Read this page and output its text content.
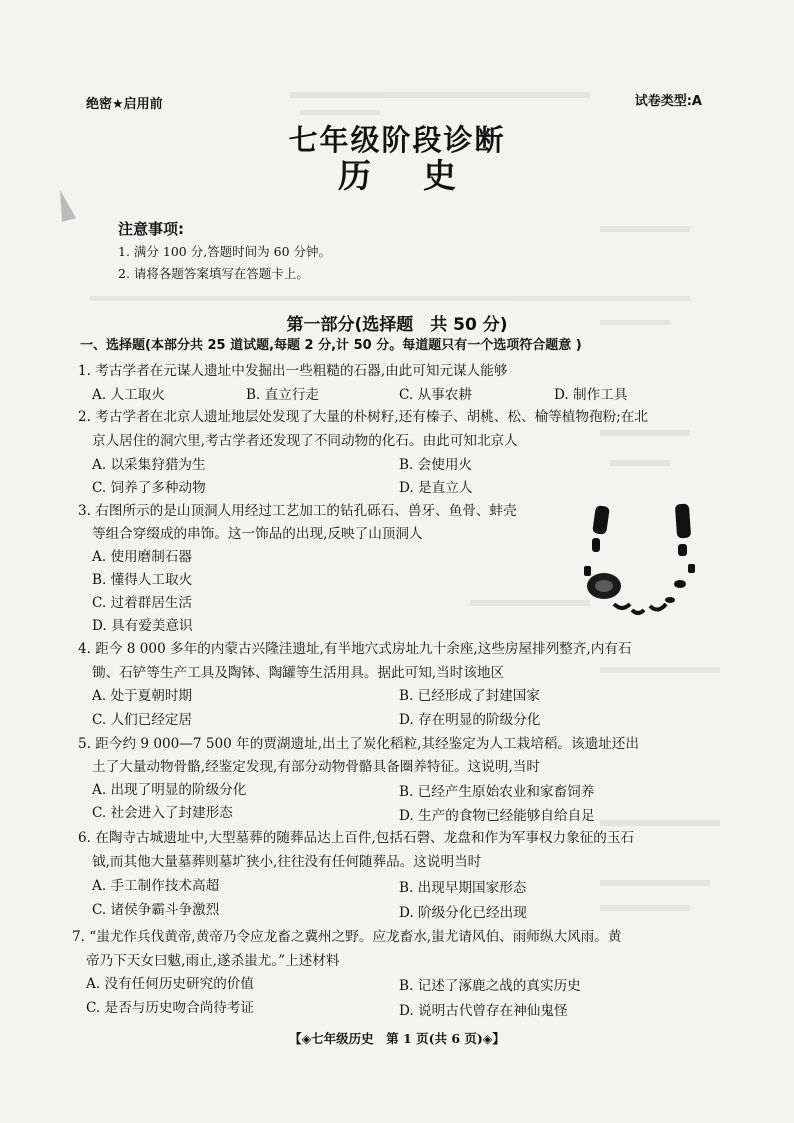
绝密★启用前	试卷类型:A
七年级阶段诊断
历史
注意事项:
1. 满分 100 分,答题时间为 60 分钟。
2. 请将各题答案填写在答题卡上。
第一部分(选择题　共 50 分)
一、选择题(本部分共 25 道试题,每题 2 分,计 50 分。每道题只有一个选项符合题意 )
1. 考古学者在元谋人遗址中发掘出一些粗糙的石器,由此可知元谋人能够
A. 人工取火	B. 直立行走	C. 从事农耕	D. 制作工具
2. 考古学者在北京人遗址地层处发现了大量的朴树籽,还有榛子、胡桃、松、榆等植物孢粉;在北
京人居住的洞穴里,考古学者还发现了不同动物的化石。由此可知北京人
A. 以采集狩猎为生	B. 会使用火
C. 饲养了多种动物	D. 是直立人
3. 右图所示的是山顶洞人用经过工艺加工的钻孔砾石、兽牙、鱼骨、蚌壳
等组合穿缀成的串饰。这一饰品的出现,反映了山顶洞人
A. 使用磨制石器
B. 懂得人工取火
C. 过着群居生活
D. 具有爱美意识
4. 距今 8 000 多年的内蒙古兴隆洼遗址,有半地穴式房址九十余座,这些房屋排列整齐,内有石
锄、石铲等生产工具及陶钵、陶罐等生活用具。据此可知,当时该地区
A. 处于夏朝时期	B. 已经形成了封建国家
C. 人们已经定居	D. 存在明显的阶级分化
5. 距今约 9 000—7 500 年的贾湖遗址,出土了炭化稻粒,其经鉴定为人工栽培稻。该遗址还出
土了大量动物骨骼,经鉴定发现,有部分动物骨骼具备圈养特征。这说明,当时
A. 出现了明显的阶级分化	B. 已经产生原始农业和家畜饲养
C. 社会进入了封建形态	D. 生产的食物已经能够自给自足
6. 在陶寺古城遗址中,大型墓葬的随葬品达上百件,包括石磬、龙盘和作为军事权力象征的玉石
钺,而其他大量墓葬则墓圹狭小,往往没有任何随葬品。这说明当时
A. 手工制作技术高超	B. 出现早期国家形态
C. 诸侯争霸斗争激烈	D. 阶级分化已经出现
7. “蚩尤作兵伐黄帝,黄帝乃令应龙畜之冀州之野。应龙畜水,蚩尤请风伯、雨师纵大风雨。黄
帝乃下天女曰魃,雨止,遂杀蚩尤。”上述材料
A. 没有任何历史研究的价值	B. 记述了涿鹿之战的真实历史
C. 是否与历史吻合尚待考证	D. 说明古代曾存在神仙鬼怪
【◈七年级历史　第 1 页(共 6 页)◈】
